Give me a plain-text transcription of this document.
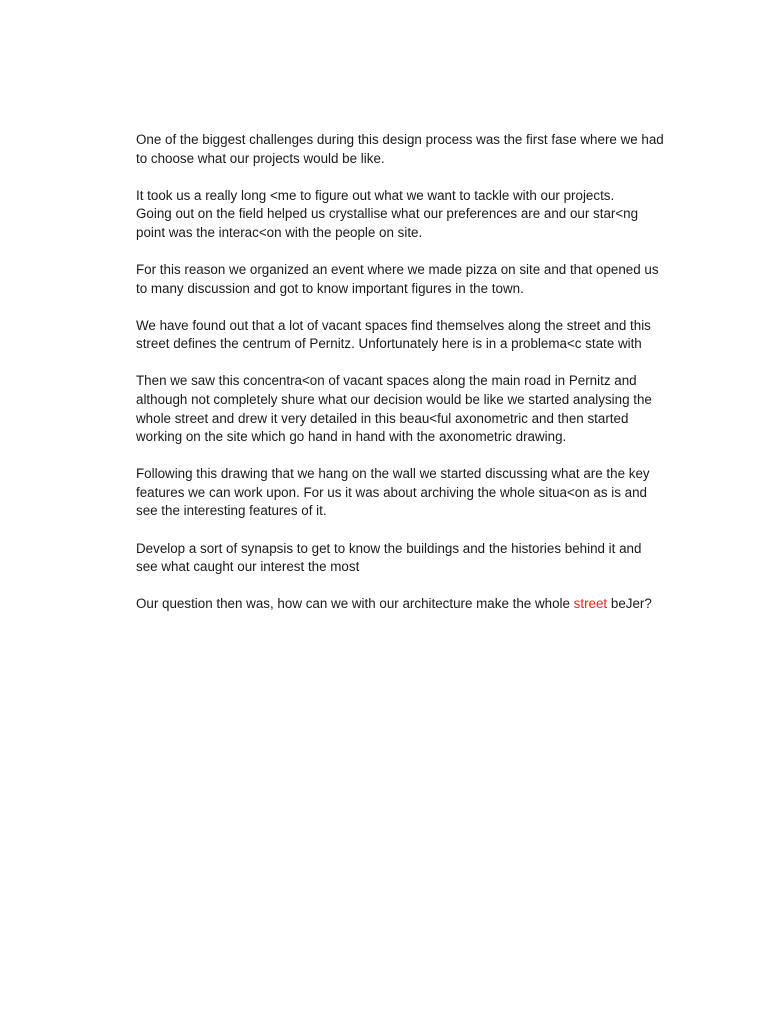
One of the biggest challenges during this design process was the first fase where we had
to choose what our projects would be like.

It took us a really long <me to figure out what we want to tackle with our projects.
Going out on the field helped us crystallise what our preferences are and our star<ng
point was the interac<on with the people on site.

For this reason we organized an event where we made pizza on site and that opened us
to many discussion and got to know important figures in the town.

We have found out that a lot of vacant spaces find themselves along the street and this
street defines the centrum of Pernitz. Unfortunately here is in a problema<c state with

Then we saw this concentra<on of vacant spaces along the main road in Pernitz and
although not completely shure what our decision would be like we started analysing the
whole street and drew it very detailed in this beau<ful axonometric and then started
working on the site which go hand in hand with the axonometric drawing.

Following this drawing that we hang on the wall we started discussing what are the key
features we can work upon. For us it was about archiving the whole situa<on as is and
see the interesting features of it.

Develop a sort of synapsis to get to know the buildings and the histories behind it and
see what caught our interest the most

Our question then was, how can we with our architecture make the whole street beJer?
